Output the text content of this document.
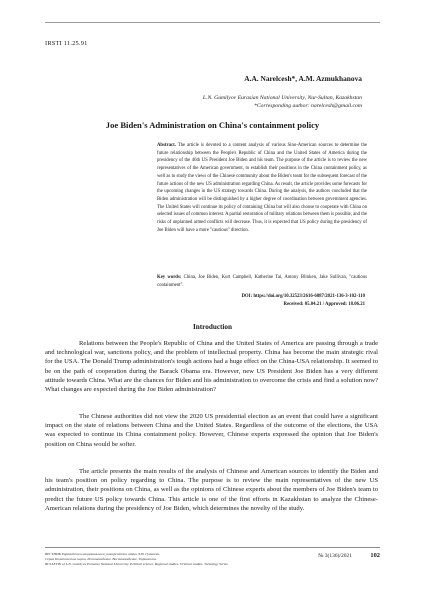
IRSTI 11.25.91
A.A. Narelcesh*, A.M. Azmukhanova
L.N. Gumilyov Eurasian National University, Nur-Sultan, Kazakhstan
*Corresponding author: narelcesh@gmail.com
Joe Biden's Administration on China's containment policy
Abstract. The article is devoted to a content analysis of various Sino-American sources to determine the future relationship between the People's Republic of China and the United States of America during the presidency of the 46th US President Joe Biden and his team. The purpose of the article is to review the new representatives of the American government, to establish their positions in the China containment policy, as well as to study the views of the Chinese community about the Biden's team for the subsequent forecast of the future actions of the new US administration regarding China. As result, the article provides some forecasts for the upcoming changes in the US strategy towards China. During the analysis, the authors concluded that the Biden administration will be distinguished by a higher degree of coordination between government agencies. The United States will continue its policy of containing China but will also choose to cooperate with China on selected issues of common interest. A partial restoration of military relations between them is possible, and the risks of unplanned armed conflicts will decrease. Thus, it is expected that US policy during the presidency of Joe Biden will have a more "cautious" direction.
Key words: China, Joe Biden, Kurt Campbell, Katherine Tai, Antony Blinken, Jake Sullivan, "cautious containment".
DOI: https://doi.org/10.32523/2616-6887/2021-136-3-102-110
Received: 05.04.21 / Approved: 18.06.21
Introduction

Relations between the People's Republic of China and the United States of America are passing through a trade and technological war, sanctions policy, and the problem of intellectual property. China has become the main strategic rival for the USA. The Donald Trump administration's tough actions had a huge effect on the China-USA relationship. It seemed to be on the path of cooperation during the Barack Obama era. However, new US President Joe Biden has a very different attitude towards China. What are the chances for Biden and his administration to overcome the crisis and find a solution now? What changes are expected during the Joe Biden administration?

The Chinese authorities did not view the 2020 US presidential election as an event that could have a significant impact on the state of relations between China and the United States. Regardless of the outcome of the elections, the USA was expected to continue its China containment policy. However, Chinese experts expressed the opinion that Joe Biden's position on China would be softer.

The article presents the main results of the analysis of Chinese and American sources to identify the Biden and his team's position on policy regarding to China. The purpose is to review the main representatives of the new US administration, their positions on China, as well as the opinions of Chinese experts about the members of Joe Biden's team to predict the future US policy towards China. This article is one of the first efforts in Kazakhstan to analyze the Chinese-American relations during the presidency of Joe Biden, which determines the novelty of the study.

ВЕСТНИК Евразийского национального университета имени Л.Н. Гумилева.
Серия Политические науки. Регионоведение. Востоковедение. Тюркология.
BULLETIN of L.N. Gumilyov Eurasian National University. Political science. Regional studies. Oriental studies. Turkology Series
№ 3(136)/2021	102
